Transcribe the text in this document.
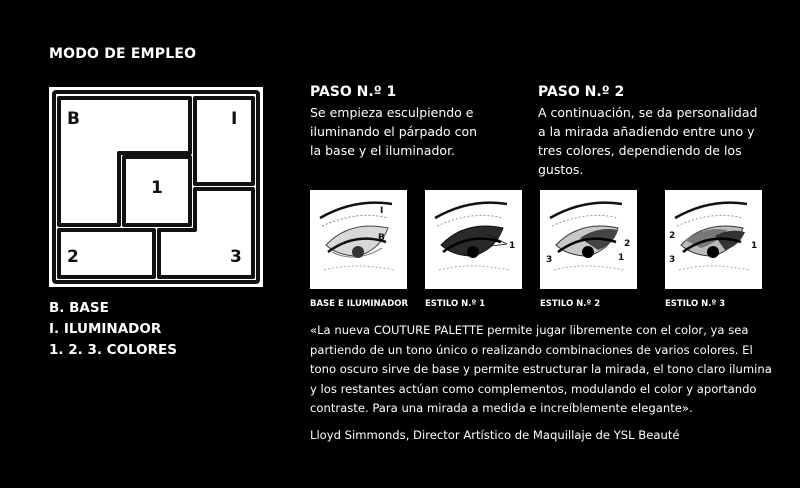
MODO DE EMPLEO
B	I
1
2	3
B. BASE
I. ILUMINADOR
1. 2. 3. COLORES
PASO N.º 1
Se empieza esculpiendo e iluminando el párpado con la base y el iluminador.
PASO N.º 2
A continuación, se da personalidad a la mirada añadiendo entre uno y tres colores, dependiendo de los gustos.
I
B
1	2
3	1
2
1
3
BASE E ILUMINADOR ESTILO N.º 1	ESTILO N.º 2	ESTILO N.º 3
«La nueva COUTURE PALETTE permite jugar libremente con el color, ya sea partiendo de un tono único o realizando combinaciones de varios colores. El tono oscuro sirve de base y permite estructurar la mirada, el tono claro ilumina y los restantes actúan como complementos, modulando el color y aportando contraste. Para una mirada a medida e increíblemente elegante».
Lloyd Simmonds, Director Artístico de Maquillaje de YSL Beauté
